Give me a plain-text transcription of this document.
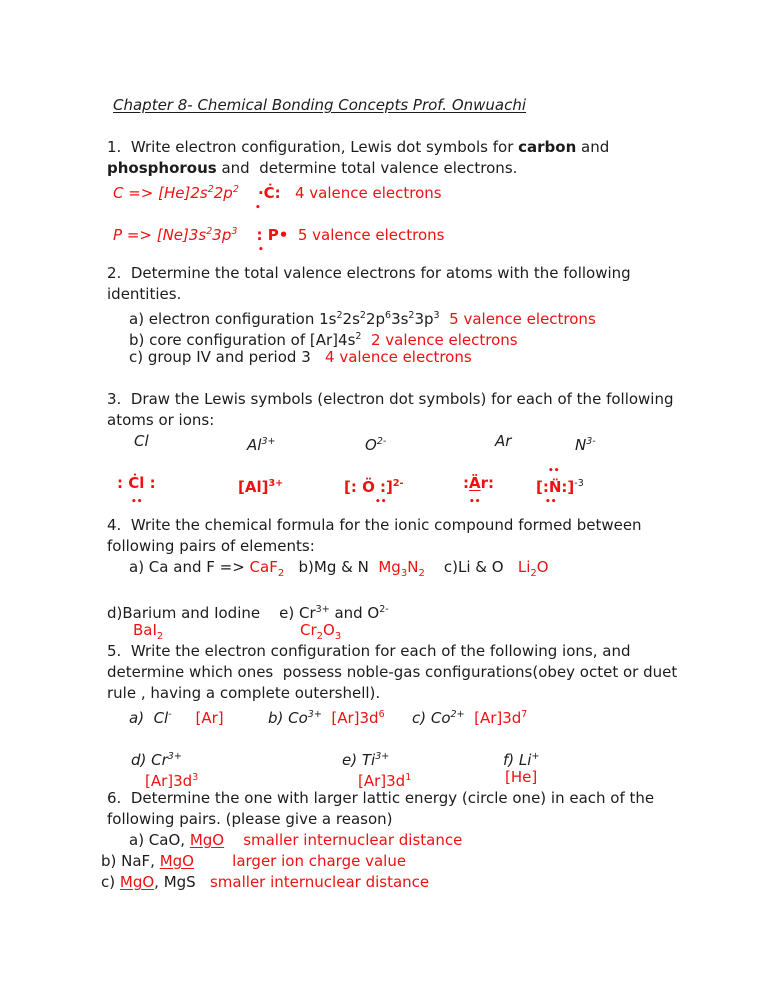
Chapter 8- Chemical Bonding Concepts Prof. Onwuachi
1.  Write electron configuration, Lewis dot symbols for carbon and
phosphorous and  determine total valence electrons.
$C => [He]2s^22p^2$ ·Ċ:   4 valence electrons
•
$P => [Ne]3s^23p^3$ : P•  5 valence electrons
•
2.  Determine the total valence electrons for atoms with the following
identities.
a) electron configuration $1s^22s^22p^63s^23p^3$ 5 valence electrons
b) core configuration of $[Ar]4s^2$ 2 valence electrons
c) group IV and period 3   4 valence electrons
3.  Draw the Lewis symbols (electron dot symbols) for each of the following
atoms or ions:
Cl	$Al^{3+}$	$O^{2-}$	Ar	$N^{3-}$
••
: Ċl :	$[Al]^{3+}$	[: Ö :]$^{2-}$	:Är:	[:N̈:]$^{-3}$
••	••	••	••
4.  Write the chemical formula for the ionic compound formed between
following pairs of elements:
a) Ca and F => CaF$_2$   b)Mg & N  $Mg_3N_2$    c)Li & O   $Li_2O$
d)Barium and Iodine    e) $Cr^{3+}$ and $O^{2-}$
BaI$_2$	$Cr_2O_3$
5.  Write the electron configuration for each of the following ions, and
determine which ones  possess noble-gas configurations(obey octet or duet
rule , having a complete outershell).
a)  Cl- [Ar]	b) $Co^{3+}$ $[Ar]3d^6$ c) $Co^{2+}$ $[Ar]3d^7$
d) $Cr^{3+}$	e) $Ti^{3+}$	f) Li+
$[Ar]3d^3$	$[Ar]3d^1$	[He]
6.  Determine the one with larger lattic energy (circle one) in each of the
following pairs. (please give a reason)
a) CaO, MgO smaller internuclear distance
b) NaF, MgO	larger ion charge value
c) MgO, MgS   smaller internuclear distance
